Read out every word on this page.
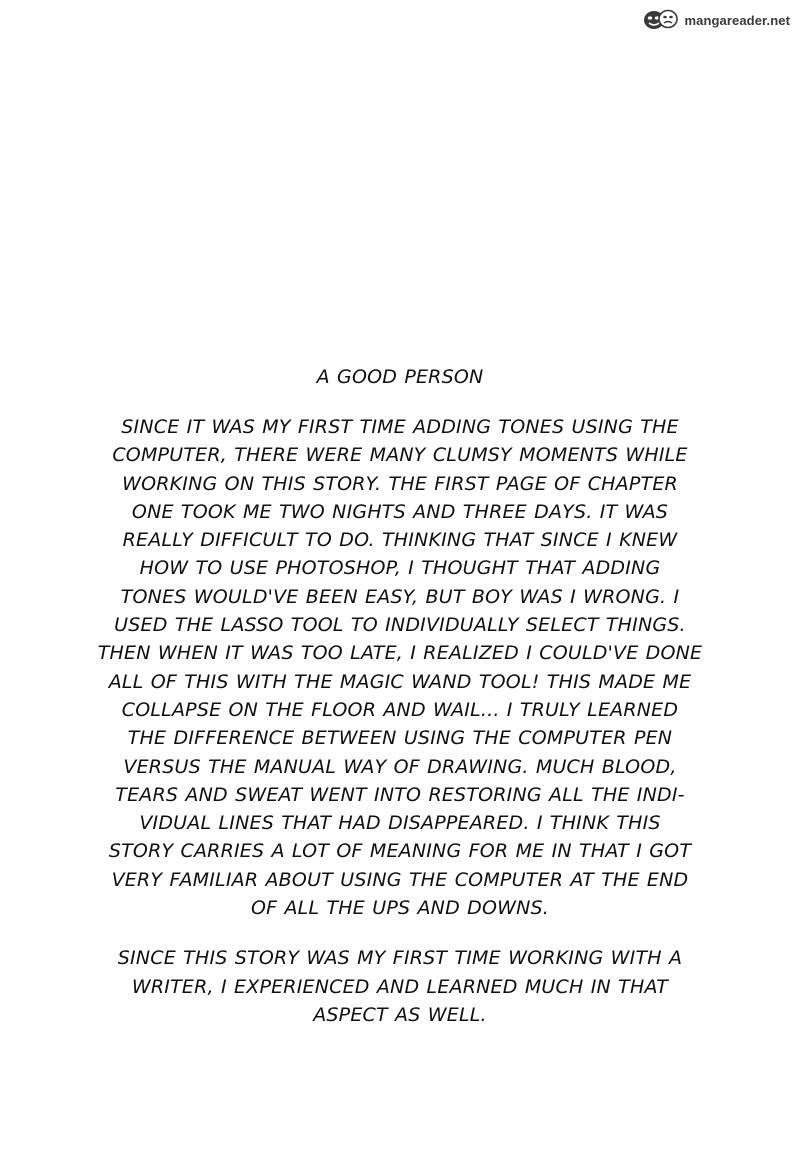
mangareader.net
A GOOD PERSON
SINCE IT WAS MY FIRST TIME ADDING TONES USING THE
COMPUTER, THERE WERE MANY CLUMSY MOMENTS WHILE
WORKING ON THIS STORY. THE FIRST PAGE OF CHAPTER
ONE TOOK ME TWO NIGHTS AND THREE DAYS. IT WAS
REALLY DIFFICULT TO DO. THINKING THAT SINCE I KNEW
HOW TO USE PHOTOSHOP, I THOUGHT THAT ADDING
TONES WOULD'VE BEEN EASY, BUT BOY WAS I WRONG. I
USED THE LASSO TOOL TO INDIVIDUALLY SELECT THINGS.
THEN WHEN IT WAS TOO LATE, I REALIZED I COULD'VE DONE
ALL OF THIS WITH THE MAGIC WAND TOOL! THIS MADE ME
COLLAPSE ON THE FLOOR AND WAIL... I TRULY LEARNED
THE DIFFERENCE BETWEEN USING THE COMPUTER PEN
VERSUS THE MANUAL WAY OF DRAWING. MUCH BLOOD,
TEARS AND SWEAT WENT INTO RESTORING ALL THE INDI-
VIDUAL LINES THAT HAD DISAPPEARED. I THINK THIS
STORY CARRIES A LOT OF MEANING FOR ME IN THAT I GOT
VERY FAMILIAR ABOUT USING THE COMPUTER AT THE END
OF ALL THE UPS AND DOWNS.
SINCE THIS STORY WAS MY FIRST TIME WORKING WITH A
WRITER, I EXPERIENCED AND LEARNED MUCH IN THAT
ASPECT AS WELL.
